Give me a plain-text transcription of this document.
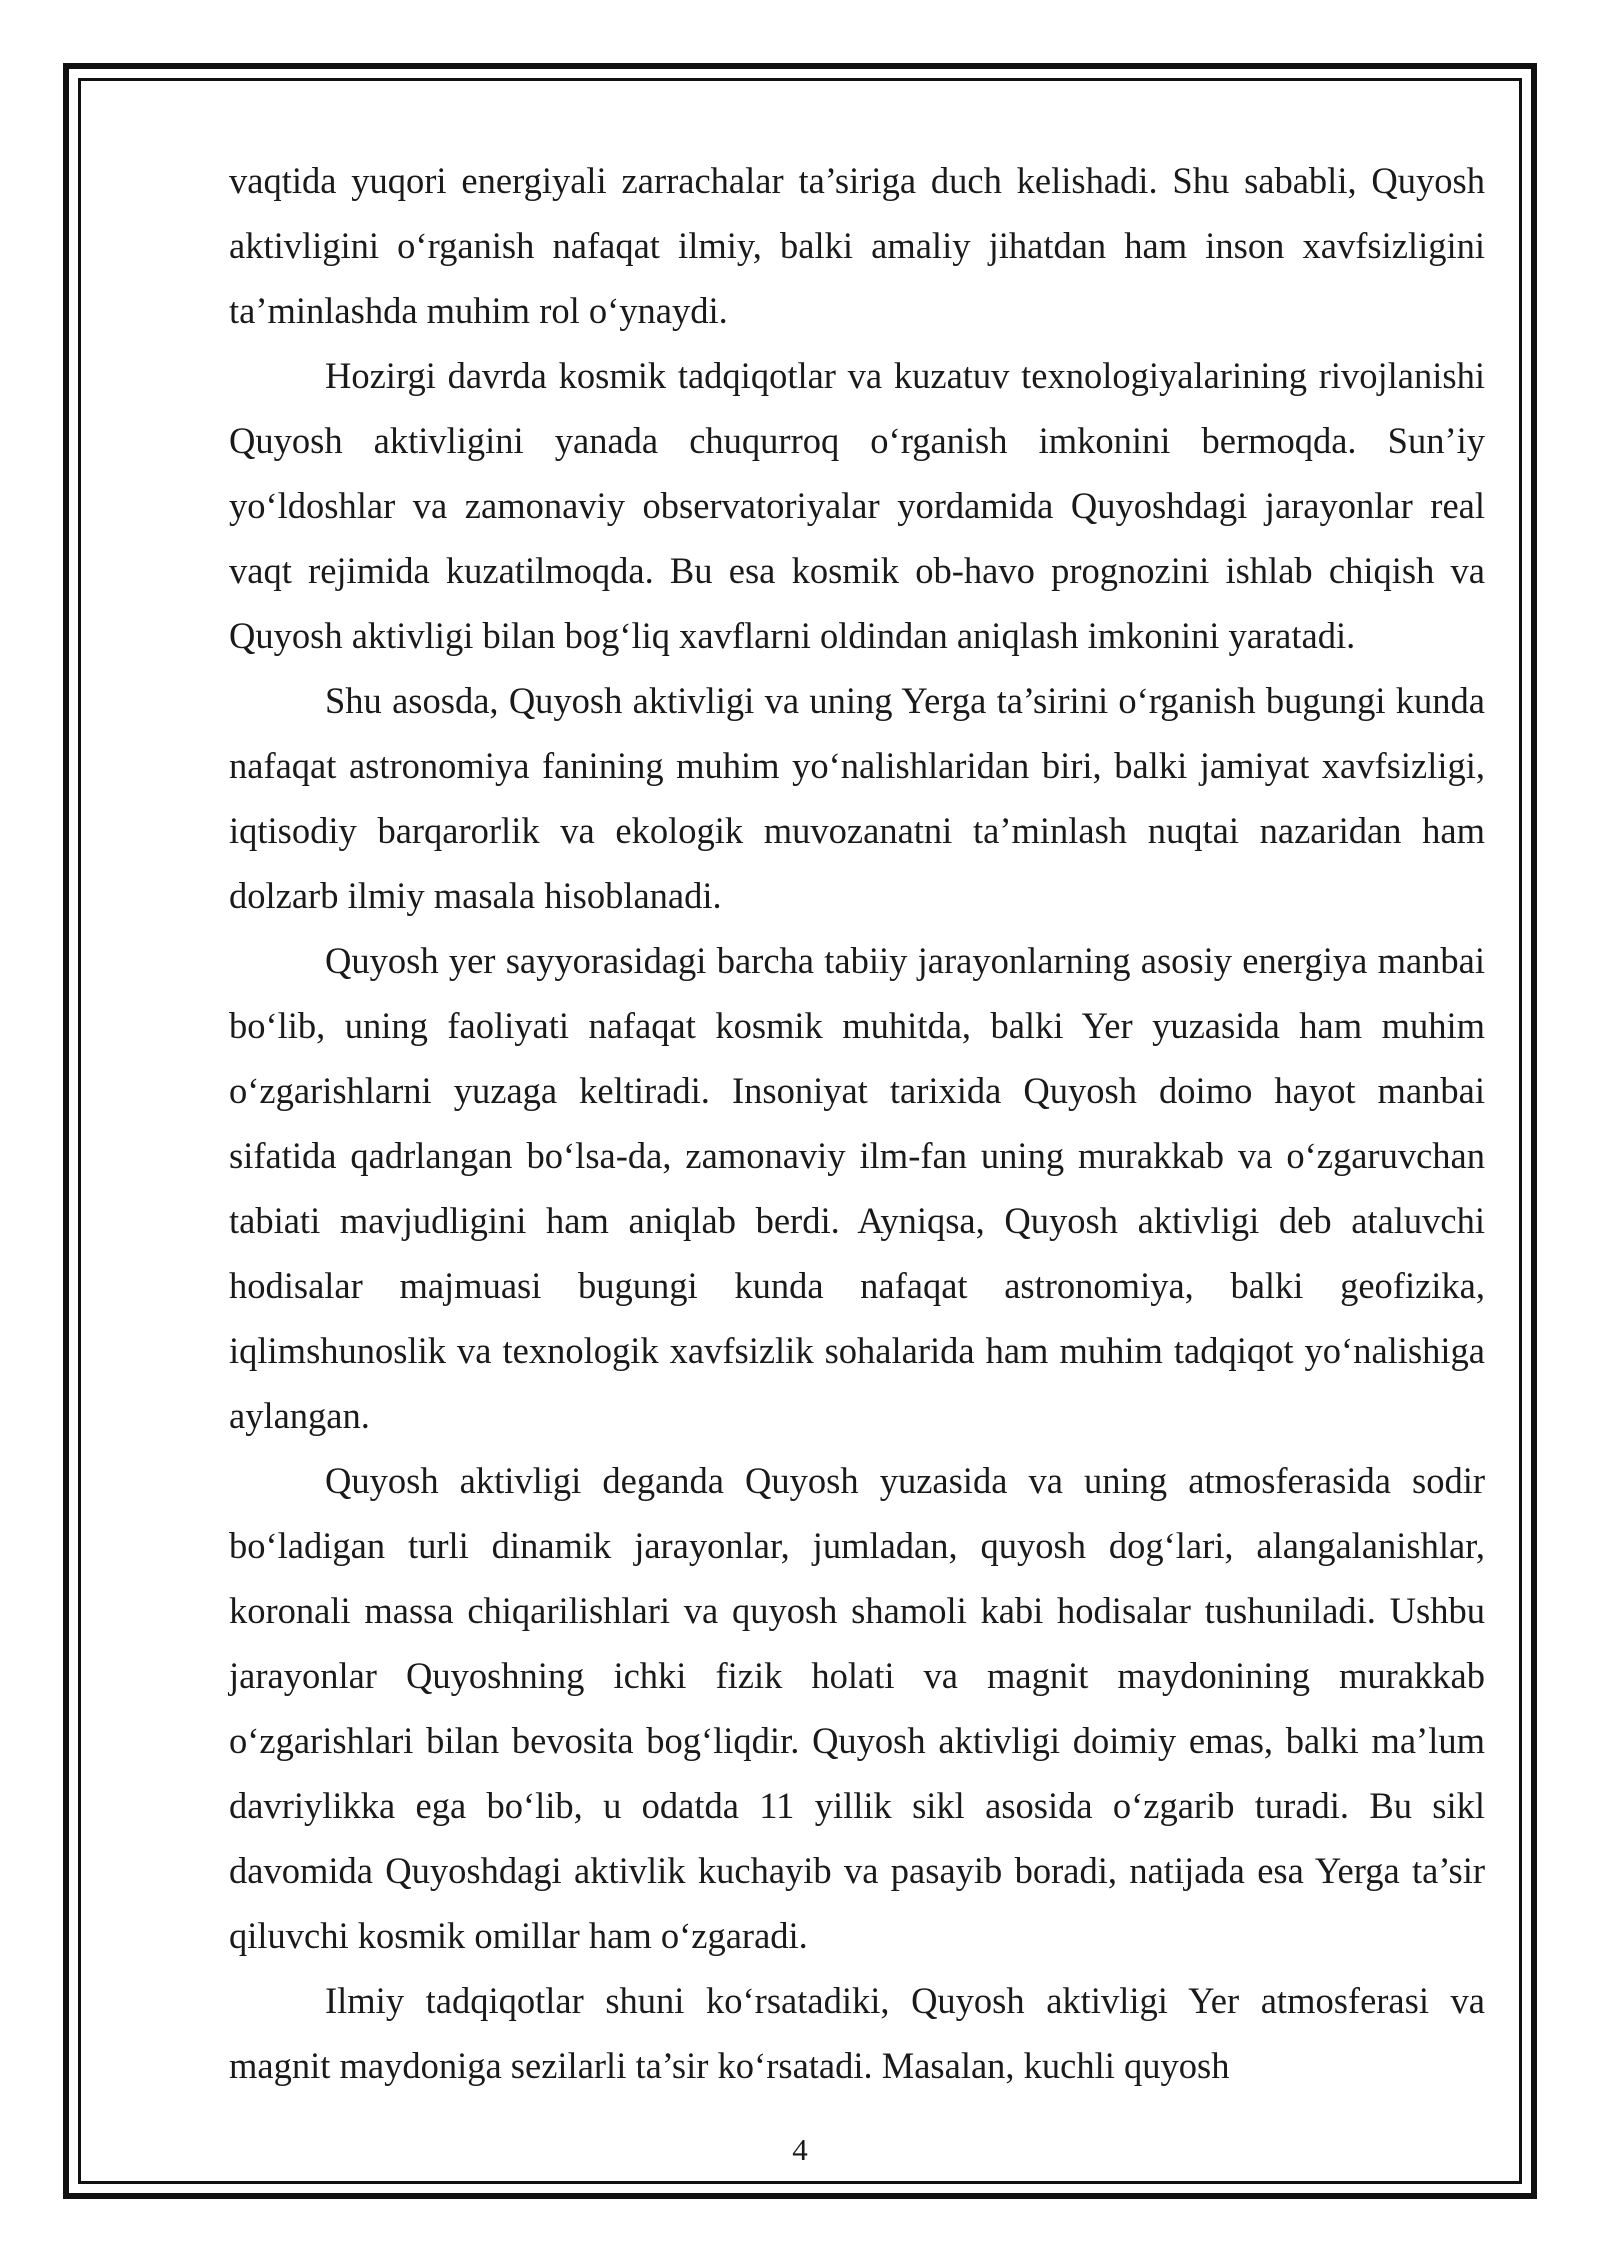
vaqtida yuqori energiyali zarrachalar ta’siriga duch kelishadi. Shu sababli, Quyosh aktivligini o‘rganish nafaqat ilmiy, balki amaliy jihatdan ham inson xavfsizligini ta’minlashda muhim rol o‘ynaydi.

Hozirgi davrda kosmik tadqiqotlar va kuzatuv texnologiyalarining rivojlanishi Quyosh aktivligini yanada chuqurroq o‘rganish imkonini bermoqda. Sun’iy yo‘ldoshlar va zamonaviy observatoriyalar yordamida Quyoshdagi jarayonlar real vaqt rejimida kuzatilmoqda. Bu esa kosmik ob-havo prognozini ishlab chiqish va Quyosh aktivligi bilan bog‘liq xavflarni oldindan aniqlash imkonini yaratadi.

Shu asosda, Quyosh aktivligi va uning Yerga ta’sirini o‘rganish bugungi kunda nafaqat astronomiya fanining muhim yo‘nalishlaridan biri, balki jamiyat xavfsizligi, iqtisodiy barqarorlik va ekologik muvozanatni ta’minlash nuqtai nazaridan ham dolzarb ilmiy masala hisoblanadi.

Quyosh yer sayyorasidagi barcha tabiiy jarayonlarning asosiy energiya manbai bo‘lib, uning faoliyati nafaqat kosmik muhitda, balki Yer yuzasida ham muhim o‘zgarishlarni yuzaga keltiradi. Insoniyat tarixida Quyosh doimo hayot manbai sifatida qadrlangan bo‘lsa-da, zamonaviy ilm-fan uning murakkab va o‘zgaruvchan tabiati mavjudligini ham aniqlab berdi. Ayniqsa, Quyosh aktivligi deb ataluvchi hodisalar majmuasi bugungi kunda nafaqat astronomiya, balki geofizika, iqlimshunoslik va texnologik xavfsizlik sohalarida ham muhim tadqiqot yo‘nalishiga aylangan.

Quyosh aktivligi deganda Quyosh yuzasida va uning atmosferasida sodir bo‘ladigan turli dinamik jarayonlar, jumladan, quyosh dog‘lari, alangalanishlar, koronali massa chiqarilishlari va quyosh shamoli kabi hodisalar tushuniladi. Ushbu jarayonlar Quyoshning ichki fizik holati va magnit maydonining murakkab o‘zgarishlari bilan bevosita bog‘liqdir. Quyosh aktivligi doimiy emas, balki ma’lum davriylikka ega bo‘lib, u odatda 11 yillik sikl asosida o‘zgarib turadi. Bu sikl davomida Quyoshdagi aktivlik kuchayib va pasayib boradi, natijada esa Yerga ta’sir qiluvchi kosmik omillar ham o‘zgaradi.

Ilmiy tadqiqotlar shuni ko‘rsatadiki, Quyosh aktivligi Yer atmosferasi va magnit maydoniga sezilarli ta’sir ko‘rsatadi. Masalan, kuchli quyosh

4
